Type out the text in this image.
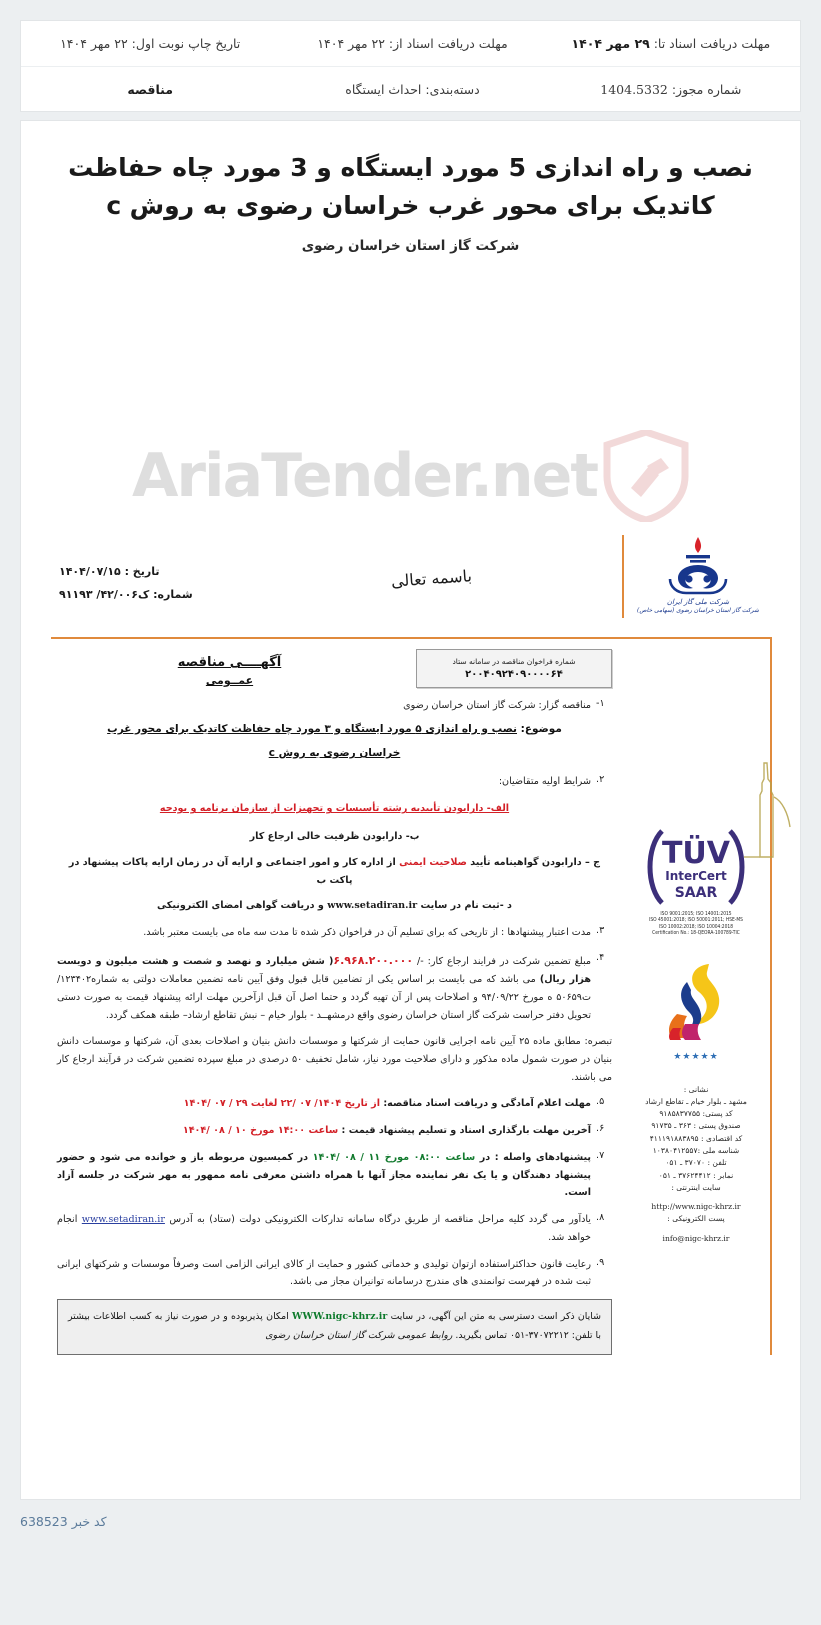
مهلت دریافت اسناد تا: ۲۹ مهر ۱۴۰۴
مهلت دریافت اسناد از: ۲۲ مهر ۱۴۰۴
تاریخ چاپ نوبت اول: ۲۲ مهر ۱۴۰۴
شماره مجوز: 1404.5332
دسته‌بندی: احداث ایستگاه
مناقصه
نصب و راه اندازی 5 مورد ایستگاه و 3 مورد چاه حفاظت
کاتدیک برای محور غرب خراسان رضوی به روش c
شرکت گاز استان خراسان رضوی
AriaTender.net
شرکت ملی گاز ایران
شرکت گاز استان خراسان رضوی (سهامی خاص)
باسمه تعالی
تاریخ : ۱۴۰۴/۰۷/۱۵
شماره: ک۴۲/۰۰۶/ ۹۱۱۹۳
TÜV
InterCert
SAAR
ISO 9001:2015; ISO 14001:2015
ISO 45001:2018; ISO 50001:2011; HSE-MS
ISO 10002:2018; ISO 10004:2018
Certification No.: 18-QEORA-100789-TIC
★★★★★
نشانی :
مشهد ـ بلوار خیام ـ تقاطع ارشاد
کد پستی: ۹۱۸۵۸۳۷۷۵۵
صندوق پستی : ۳۶۳ ـ ۹۱۷۳۵
کد اقتصادی : ۴۱۱۱۹۱۸۸۳۸۹۵
شناسه ملی :۱۰۳۸۰۴۱۲۵۵۷
تلفن : ۳۷۰۷۰ ـ ۰۵۱
نمابر : ۳۷۶۲۴۴۱۲ ـ ۰۵۱
سایت اینترنتی :
http://www.nigc-khrz.ir
پست الکترونیکی :
info@nigc-khrz.ir
شماره فراخوان مناقصه در سامانه ستاد
۲۰۰۴۰۹۲۴۰۹۰۰۰۰۶۴
آگهــــی مناقصه
عمــومی
۱-
مناقصه گزار: شرکت گاز استان خراسان رضوی
موضوع: نصب و راه اندازی ۵ مورد ایستگاه و ۳ مورد چاه حفاظت کاتدیک برای محور غرب
خراسان رضوی به روش c
۲.
شرایط اولیه متقاضیان:
الف- دارابودن تأییدیه رشته تأسیسات و تجهیزات از سازمان برنامه و بودجه
ب- دارابودن ظرفیت خالی ارجاع کار
ج – دارابودن گواهینامه تأیید صلاحیت ایمنی از اداره کار و امور اجتماعی و ارایه آن در زمان ارایه پاکات پیشنهاد در پاکت ب
د -ثبت نام در سایت www.setadiran.ir و دریافت گواهی امضای الکترونیکی
۳.
مدت اعتبار پیشنهادها : از تاریخی که برای تسلیم آن در فراخوان ذکر شده تا مدت سه ماه می بایست معتبر باشد.
۴.
مبلغ تضمین شرکت در فرایند ارجاع کار: -/ ۶.۹۶۸.۲۰۰.۰۰۰( شش میلیارد و نهصد و شصت و هشت میلیون و دویست هزار ریال) می باشد که می بایست بر اساس یکی از تضامین قابل قبول وفق آیین نامه تضمین معاملات دولتی به شماره۱۲۳۴۰۲/ت۵۰۶۵۹ ه مورخ ۹۴/۰۹/۲۲ و اصلاحات پس از آن تهیه گردد و حتما اصل آن قبل ازآخرین مهلت ارائه پیشنهاد قیمت به صورت دستی تحویل دفتر حراست شرکت گاز استان خراسان رضوی واقع درمشهــد - بلوار خیام – نبش تقاطع ارشاد– طبقه همکف گردد.
تبصره: مطابق ماده ۲۵ آیین نامه اجرایی قانون حمایت از شرکتها و موسسات دانش بنیان و اصلاحات بعدی آن، شرکتها و موسسات دانش بنیان در صورت شمول ماده مذکور و دارای صلاحیت مورد نیاز، شامل تخفیف ۵۰ درصدی در مبلغ سپرده تضمین شرکت در قرآیند ارجاع کار می باشند.
۵.
مهلت اعلام آمادگی و دریافت اسناد مناقصه: از تاریخ ۱۴۰۴/ ۰۷ /۲۲ لغایت ۲۹ / ۰۷ /۱۴۰۴
۶.
آخرین مهلت بارگذاری اسناد و تسلیم پیشنهاد قیمت : ساعت ۱۴:۰۰ مورخ ۱۰ / ۰۸ /۱۴۰۴
۷.
پیشنهادهای واصله : در ساعت ۰۸:۰۰ مورخ ۱۱ / ۰۸ /۱۴۰۴ در کمیسیون مربوطه باز و خوانده می شود و حضور پیشنهاد دهندگان و یا یک نفر نماینده مجاز آنها با همراه داشتن معرفی نامه ممهور به مهر شرکت در جلسه آزاد است.
۸.
یادآور می گردد کلیه مراحل مناقصه از طریق درگاه سامانه تدارکات الکترونیکی دولت (ستاد) به آدرس www.setadiran.ir انجام خواهد شد.
۹.
رعایت قانون حداکثراستفاده ازتوان تولیدی و خدماتی کشور و حمایت از کالای ایرانی الزامی است وصرفاً موسسات و شرکتهای ایرانی ثبت شده در فهرست توانمندی های مندرج درسامانه توانیران مجاز می باشد.
شایان ذکر است دسترسی به متن این آگهی، در سایت WWW.nigc-khrz.ir امکان پذیربوده و در صورت نیاز به کسب اطلاعات بیشتر با تلفن: ۳۷۰۷۲۲۱۲-۰۵۱ تماس بگیرید. روابط عمومی شرکت گاز استان خراسان رضوی
کد خبر 638523
